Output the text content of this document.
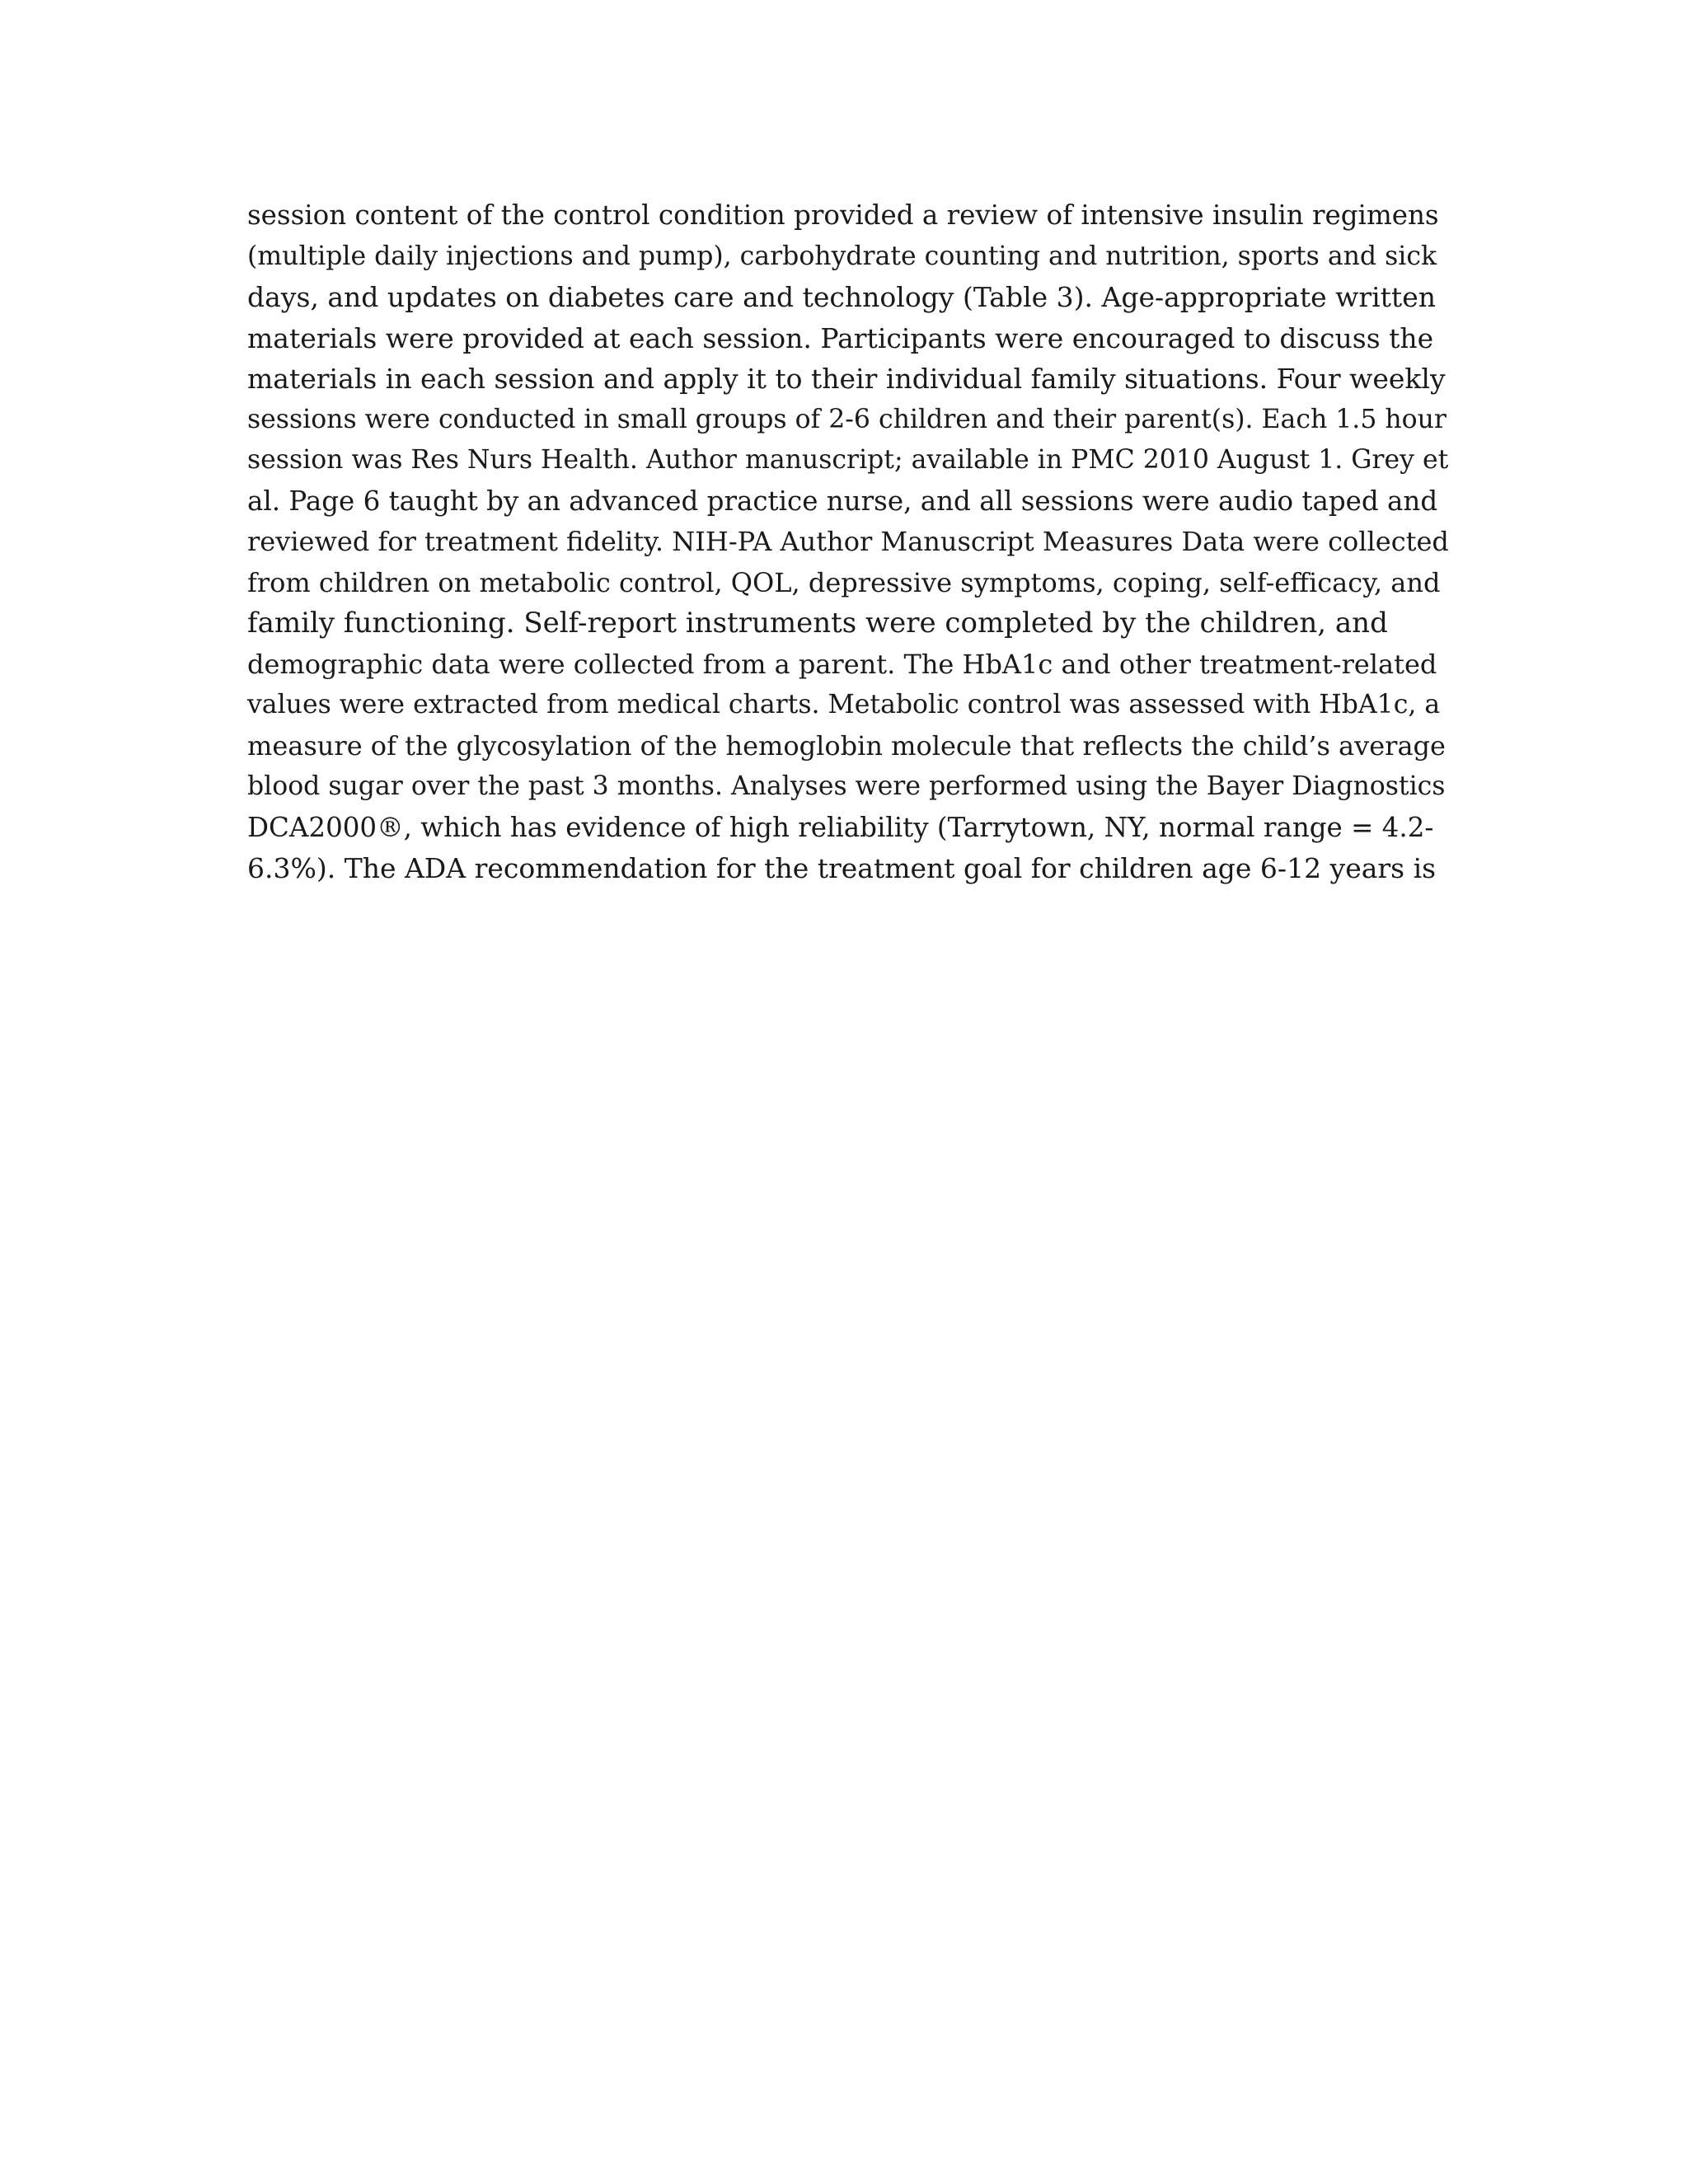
session content of the control condition provided a review of intensive insulin regimens
(multiple daily injections and pump), carbohydrate counting and nutrition, sports and sick
days, and updates on diabetes care and technology (Table 3). Age-appropriate written
materials were provided at each session. Participants were encouraged to discuss the
materials in each session and apply it to their individual family situations. Four weekly
sessions were conducted in small groups of 2-6 children and their parent(s). Each 1.5 hour
session was Res Nurs Health. Author manuscript; available in PMC 2010 August 1. Grey et
al. Page 6 taught by an advanced practice nurse, and all sessions were audio taped and
reviewed for treatment fidelity. NIH-PA Author Manuscript Measures Data were collected
from children on metabolic control, QOL, depressive symptoms, coping, self-efficacy, and
family functioning. Self-report instruments were completed by the children, and
demographic data were collected from a parent. The HbA1c and other treatment-related
values were extracted from medical charts. Metabolic control was assessed with HbA1c, a
measure of the glycosylation of the hemoglobin molecule that reflects the child’s average
blood sugar over the past 3 months. Analyses were performed using the Bayer Diagnostics
DCA2000®, which has evidence of high reliability (Tarrytown, NY, normal range = 4.2-
6.3%). The ADA recommendation for the treatment goal for children age 6-12 years is
